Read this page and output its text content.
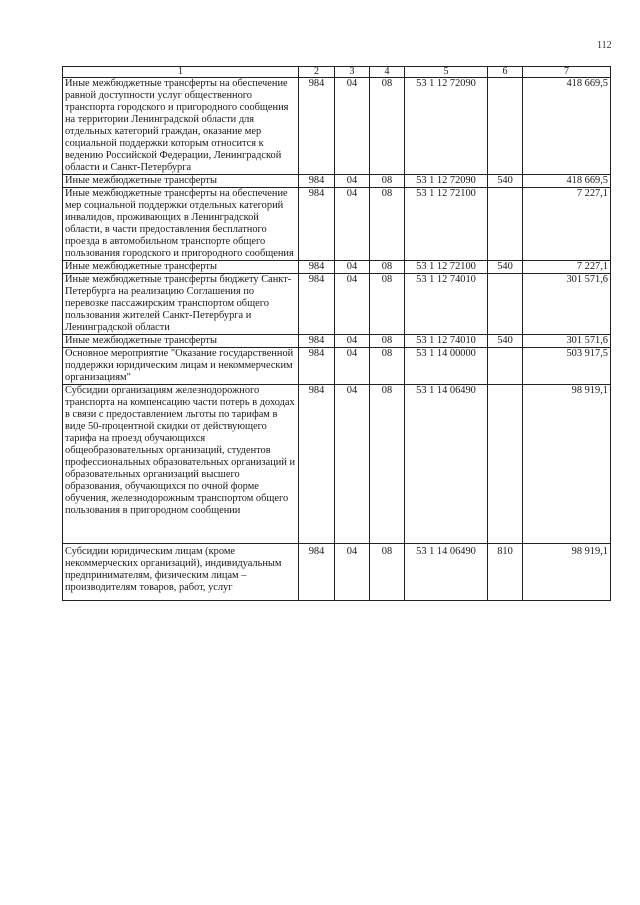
112
1	2	3	4	5	6	7
Иные межбюджетные трансферты на обеспечение равной доступности услуг общественного транспорта городского и пригородного сообщения на территории Ленинградской области для отдельных категорий граждан, оказание мер социальной поддержки которым относится к ведению Российской Федерации, Ленинградской области и Санкт-Петербурга	984	04	08	53 1 12 72090		418 669,5
Иные межбюджетные трансферты	984	04	08	53 1 12 72090	540	418 669,5
Иные межбюджетные трансферты на обеспечение мер социальной поддержки отдельных категорий инвалидов, проживающих в Ленинградской области, в части предоставления бесплатного проезда в автомобильном транспорте общего пользования городского и пригородного сообщения	984	04	08	53 1 12 72100		7 227,1
Иные межбюджетные трансферты	984	04	08	53 1 12 72100	540	7 227,1
Иные межбюджетные трансферты бюджету Санкт-Петербурга на реализацию Соглашения по перевозке пассажирским транспортом общего пользования жителей Санкт-Петербурга и Ленинградской области	984	04	08	53 1 12 74010		301 571,6
Иные межбюджетные трансферты	984	04	08	53 1 12 74010	540	301 571,6
Основное мероприятие "Оказание государственной поддержки юридическим лицам и некоммерческим организациям"	984	04	08	53 1 14 00000		503 917,5
Субсидии организациям железнодорожного транспорта на компенсацию части потерь в доходах в связи с предоставлением льготы по тарифам в виде 50-процентной скидки от действующего тарифа на проезд обучающихся общеобразовательных организаций, студентов профессиональных образовательных организаций и образовательных организаций высшего образования, обучающихся по очной форме обучения, железнодорожным транспортом общего пользования в пригородном сообщении	984	04	08	53 1 14 06490		98 919,1
Субсидии юридическим лицам (кроме некоммерческих организаций), индивидуальным предпринимателям, физическим лицам – производителям товаров, работ, услуг	984	04	08	53 1 14 06490	810	98 919,1
